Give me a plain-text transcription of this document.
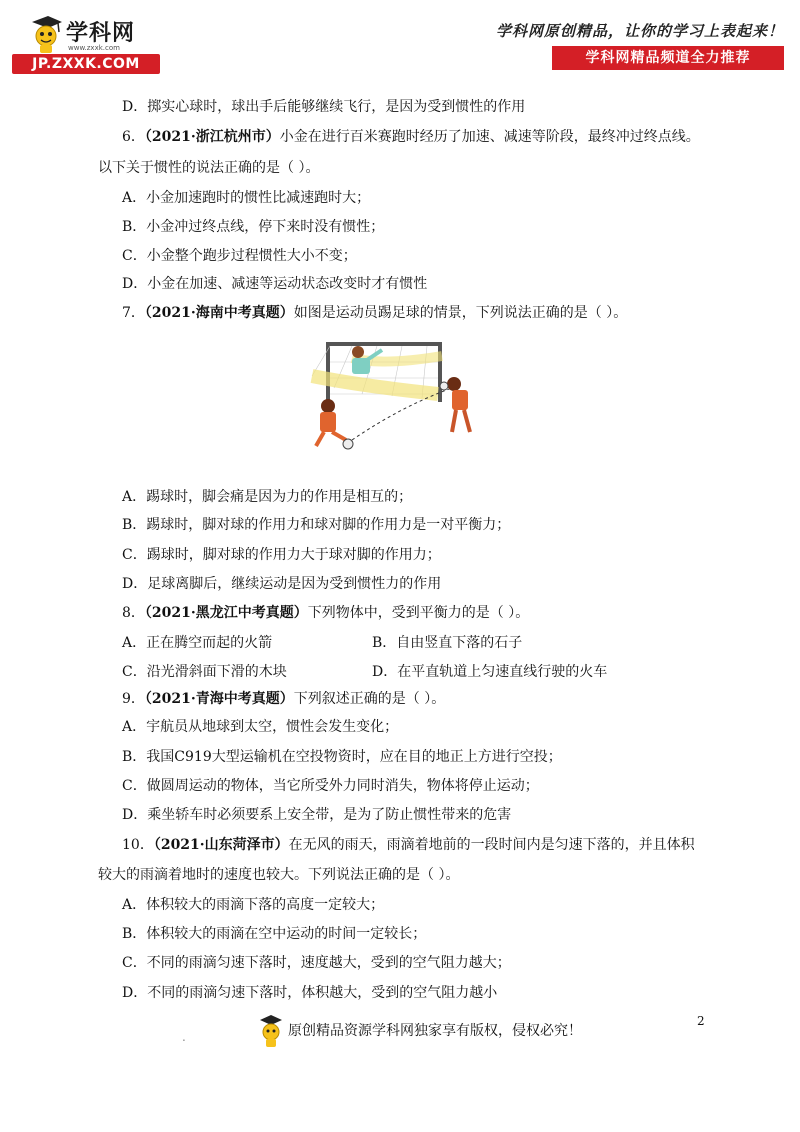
学科网
www.zxxk.com
JP.ZXXK.COM
学科网原创精品，让你的学习上表起来！
学科网精品频道全力推荐
D．掷实心球时，球出手后能够继续飞行，是因为受到惯性的作用
6．（2021·浙江杭州市）小金在进行百米赛跑时经历了加速、减速等阶段，最终冲过终点线。
以下关于惯性的说法正确的是（ ）。
A．小金加速跑时的惯性比减速跑时大；
B．小金冲过终点线，停下来时没有惯性；
C．小金整个跑步过程惯性大小不变；
D．小金在加速、减速等运动状态改变时才有惯性
7．（2021·海南中考真题）如图是运动员踢足球的情景，下列说法正确的是（ ）。
A．踢球时，脚会痛是因为力的作用是相互的；
B．踢球时，脚对球的作用力和球对脚的作用力是一对平衡力；
C．踢球时，脚对球的作用力大于球对脚的作用力；
D．足球离脚后，继续运动是因为受到惯性力的作用
8．（2021·黑龙江中考真题）下列物体中，受到平衡力的是（ ）。
A．正在腾空而起的火箭	B．自由竖直下落的石子
C．沿光滑斜面下滑的木块	D．在平直轨道上匀速直线行驶的火车
9．（2021·青海中考真题）下列叙述正确的是（ ）。
A．宇航员从地球到太空，惯性会发生变化；
B．我国C919大型运输机在空投物资时，应在目的地正上方进行空投；
C．做圆周运动的物体，当它所受外力同时消失，物体将停止运动；
D．乘坐轿车时必须要系上安全带，是为了防止惯性带来的危害
10．（2021·山东菏泽市）在无风的雨天，雨滴着地前的一段时间内是匀速下落的，并且体积
较大的雨滴着地时的速度也较大。下列说法正确的是（ ）。
A．体积较大的雨滴下落的高度一定较大；
B．体积较大的雨滴在空中运动的时间一定较长；
C．不同的雨滴匀速下落时，速度越大，受到的空气阻力越大；
D．不同的雨滴匀速下落时，体积越大，受到的空气阻力越小
2
.	原创精品资源学科网独家享有版权，侵权必究！
